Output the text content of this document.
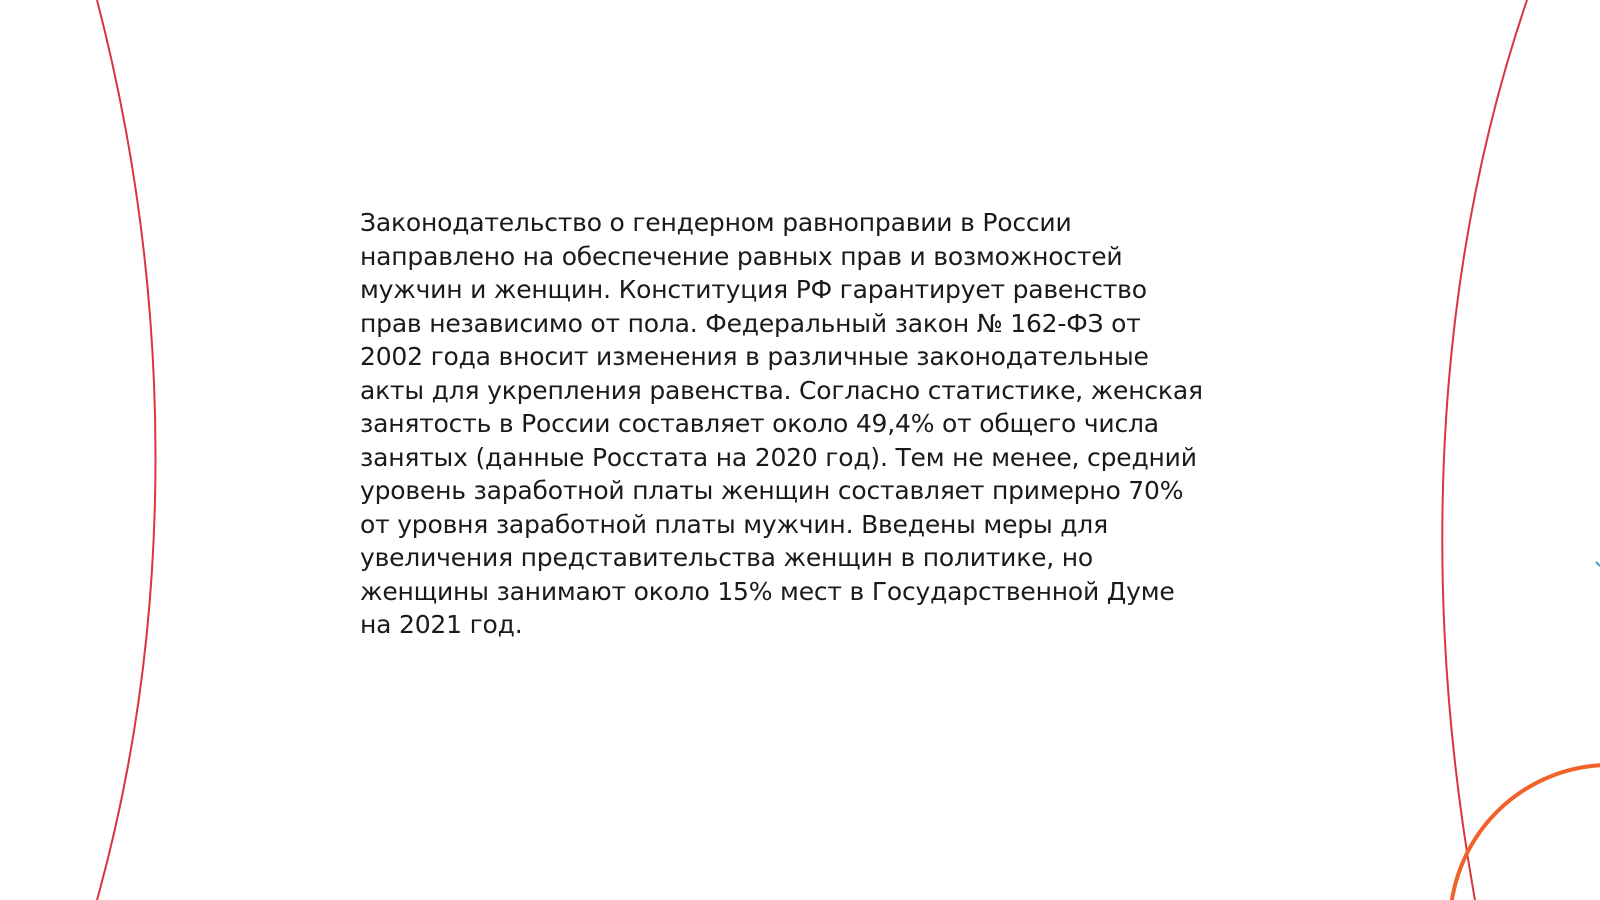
Законодательство о гендерном равноправии в России
направлено на обеспечение равных прав и возможностей
мужчин и женщин. Конституция РФ гарантирует равенство
прав независимо от пола. Федеральный закон № 162-ФЗ от
2002 года вносит изменения в различные законодательные
акты для укрепления равенства. Согласно статистике, женская
занятость в России составляет около 49,4% от общего числа
занятых (данные Росстата на 2020 год). Тем не менее, средний
уровень заработной платы женщин составляет примерно 70%
от уровня заработной платы мужчин. Введены меры для
увеличения представительства женщин в политике, но
женщины занимают около 15% мест в Государственной Думе
на 2021 год.
